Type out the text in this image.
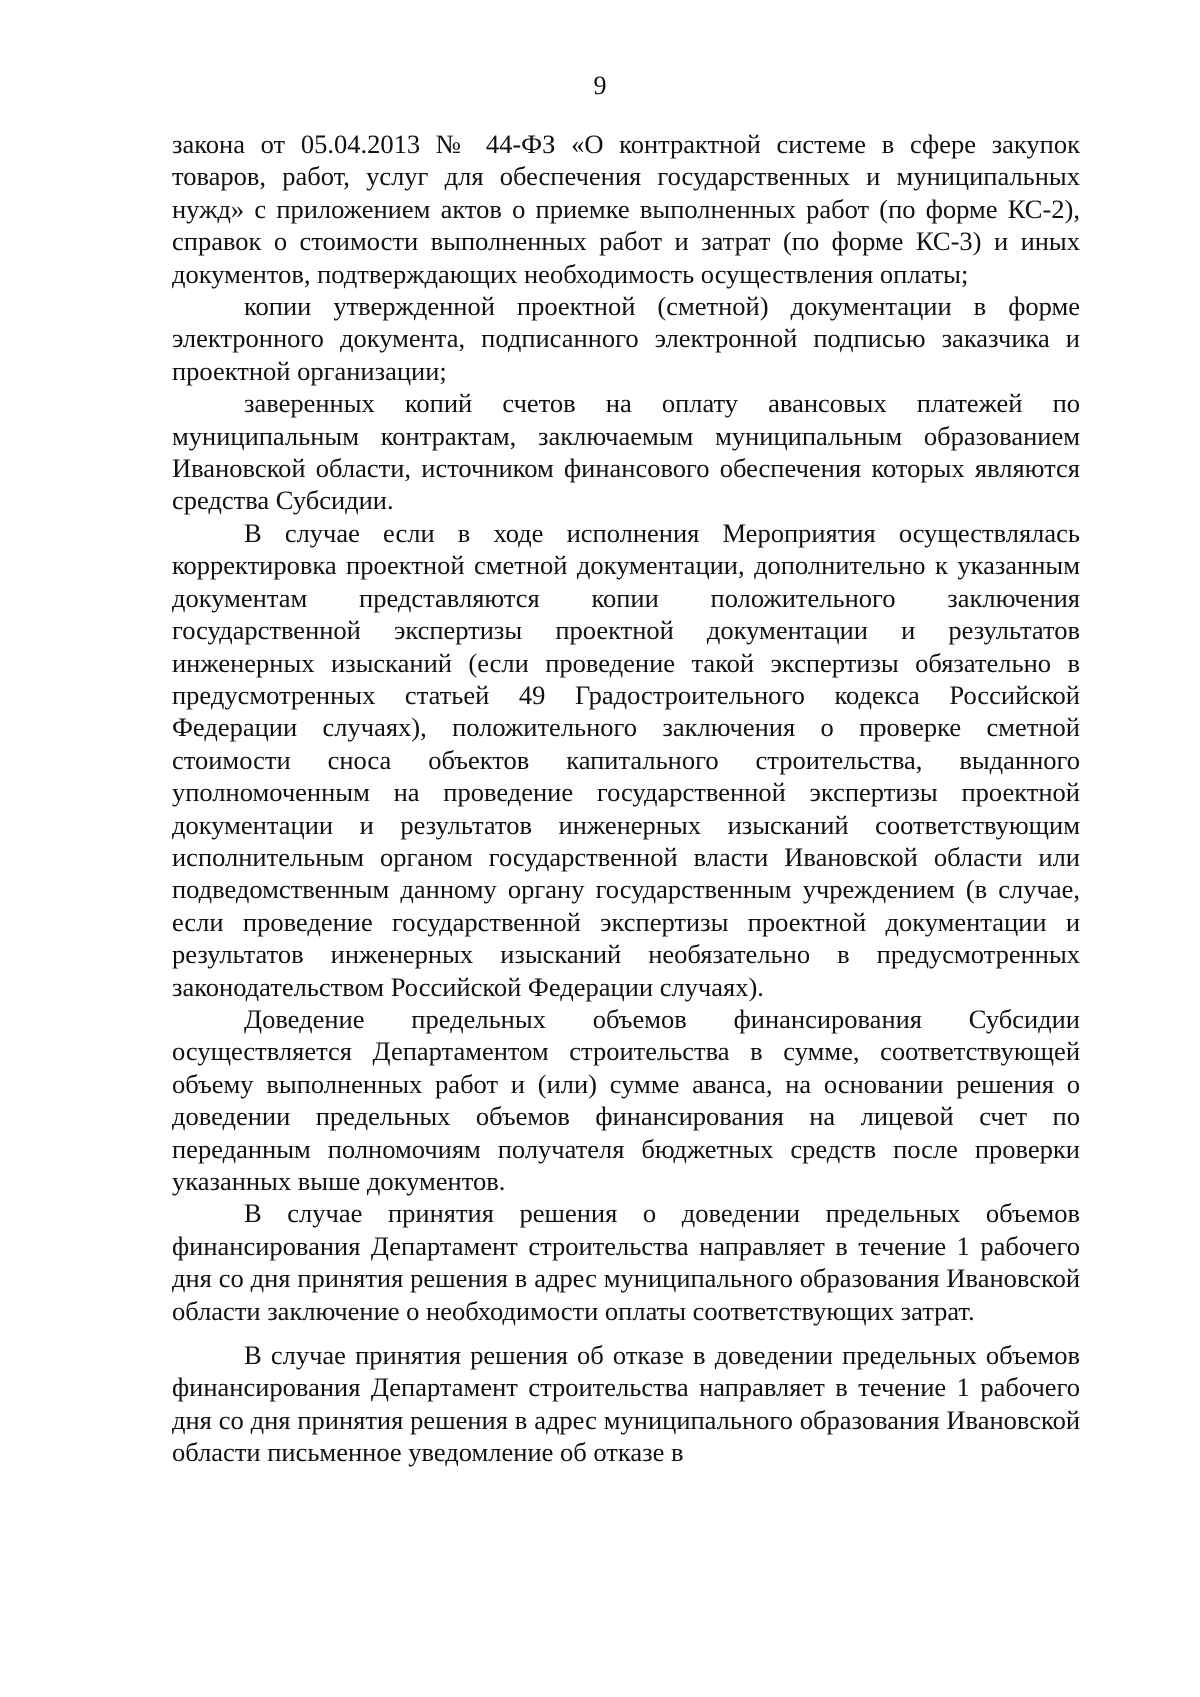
9

закона от 05.04.2013 № 44-ФЗ «О контрактной системе в сфере закупок товаров, работ, услуг для обеспечения государственных и муниципальных нужд» с приложением актов о приемке выполненных работ (по форме КС-2), справок о стоимости выполненных работ и затрат (по форме КС-3) и иных документов, подтверждающих необходимость осуществления оплаты;

копии утвержденной проектной (сметной) документации в форме электронного документа, подписанного электронной подписью заказчика и проектной организации;

заверенных копий счетов на оплату авансовых платежей по муниципальным контрактам, заключаемым муниципальным образованием Ивановской области, источником финансового обеспечения которых являются средства Субсидии.

В случае если в ходе исполнения Мероприятия осуществлялась корректировка проектной сметной документации, дополнительно к указанным документам представляются копии положительного заключения государственной экспертизы проектной документации и результатов инженерных изысканий (если проведение такой экспертизы обязательно в предусмотренных статьей 49 Градостроительного кодекса Российской Федерации случаях), положительного заключения о проверке сметной стоимости сноса объектов капитального строительства, выданного уполномоченным на проведение государственной экспертизы проектной документации и результатов инженерных изысканий соответствующим исполнительным органом государственной власти Ивановской области или подведомственным данному органу государственным учреждением (в случае, если проведение государственной экспертизы проектной документации и результатов инженерных изысканий необязательно в предусмотренных законодательством Российской Федерации случаях).

Доведение предельных объемов финансирования Субсидии осуществляется Департаментом строительства в сумме, соответствующей объему выполненных работ и (или) сумме аванса, на основании решения о доведении предельных объемов финансирования на лицевой счет по переданным полномочиям получателя бюджетных средств после проверки указанных выше документов.

В случае принятия решения о доведении предельных объемов финансирования Департамент строительства направляет в течение 1 рабочего дня со дня принятия решения в адрес муниципального образования Ивановской области заключение о необходимости оплаты соответствующих затрат.

В случае принятия решения об отказе в доведении предельных объемов финансирования Департамент строительства направляет в течение 1 рабочего дня со дня принятия решения в адрес муниципального образования Ивановской области письменное уведомление об отказе в
